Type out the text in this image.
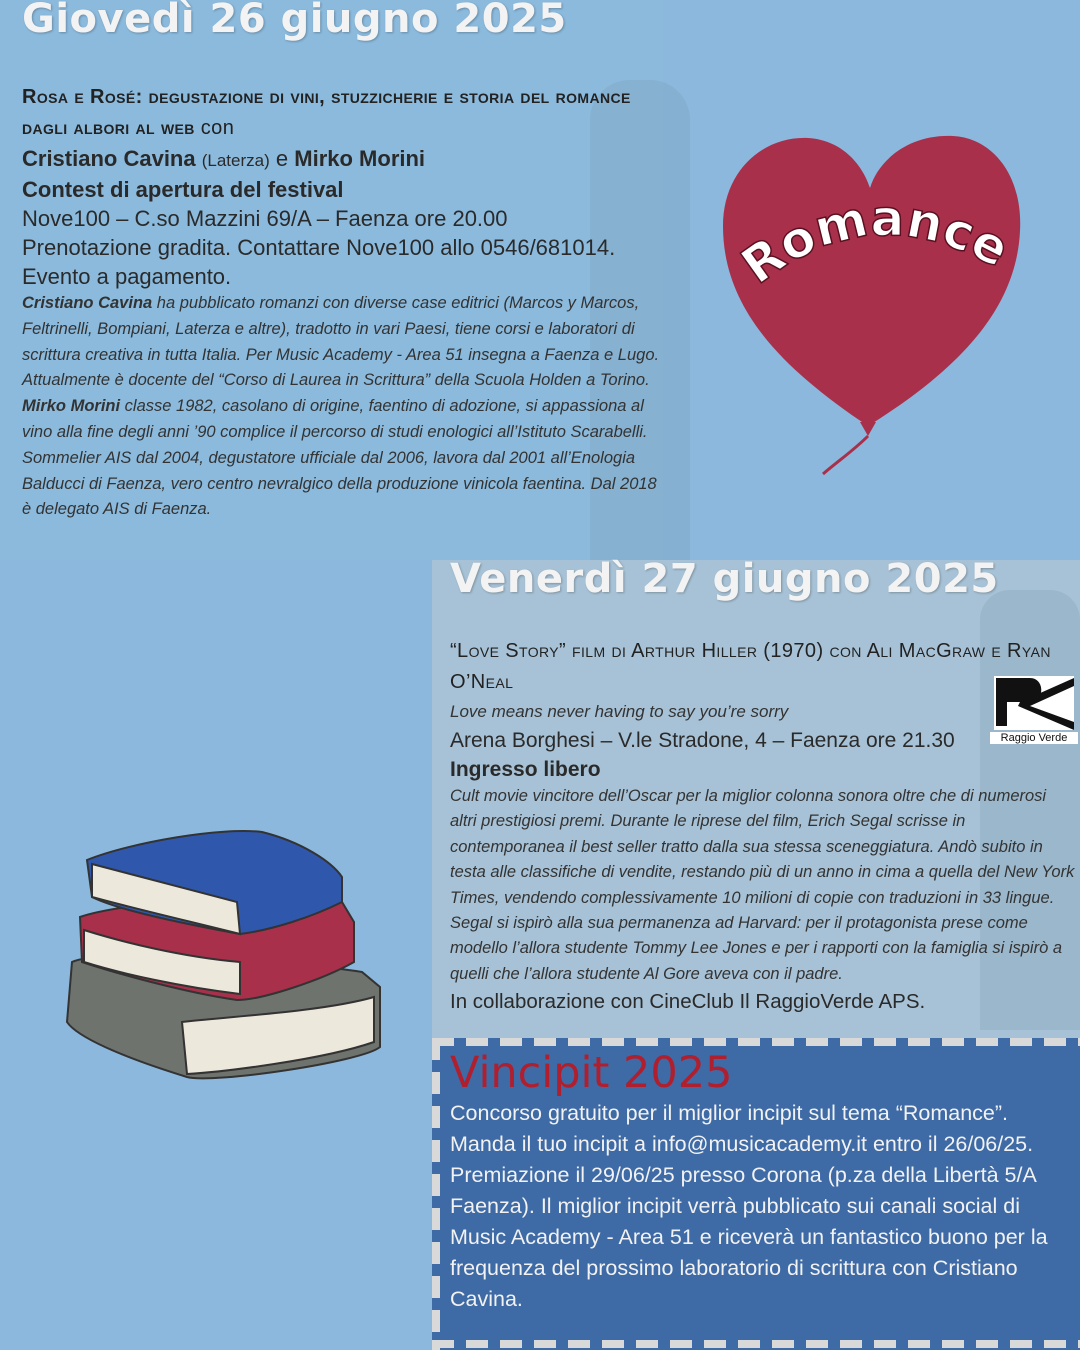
Giovedì 26 giugno 2025
Rosa e Rosé: degustazione di vini, stuzzicherie e storia del romance dagli albori al web con
Cristiano Cavina (Laterza) e Mirko Morini
Contest di apertura del festival
Nove100 – C.so Mazzini 69/A – Faenza ore 20.00
Prenotazione gradita. Contattare Nove100 allo 0546/681014.
Evento a pagamento.
Cristiano Cavina ha pubblicato romanzi con diverse case editrici (Marcos y Marcos, Feltrinelli, Bompiani, Laterza e altre), tradotto in vari Paesi, tiene corsi e laboratori di scrittura creativa in tutta Italia. Per Music Academy - Area 51 insegna a Faenza e Lugo. Attualmente è docente del “Corso di Laurea in Scrittura” della Scuola Holden a Torino.
Mirko Morini classe 1982, casolano di origine, faentino di adozione, si appassiona al vino alla fine degli anni ’90 complice il percorso di studi enologici all’Istituto Scarabelli. Sommelier AIS dal 2004, degustatore ufficiale dal 2006, lavora dal 2001 all’Enologia Balducci di Faenza, vero centro nevralgico della produzione vinicola faentina. Dal 2018 è delegato AIS di Faenza.
Romance
Venerdì 27 giugno 2025
“Love Story” film di Arthur Hiller (1970) con Ali MacGraw e Ryan O’Neal
Love means never having to say you’re sorry
Arena Borghesi – V.le Stradone, 4 – Faenza ore 21.30
Ingresso libero
Cult movie vincitore dell’Oscar per la miglior colonna sonora oltre che di numerosi altri prestigiosi premi. Durante le riprese del film, Erich Segal scrisse in contemporanea il best seller tratto dalla sua stessa sceneggiatura. Andò subito in testa alle classifiche di vendite, restando più di un anno in cima a quella del New York Times, vendendo complessivamente 10 milioni di copie con traduzioni in 33 lingue. Segal si ispirò alla sua permanenza ad Harvard: per il protagonista prese come modello l’allora studente Tommy Lee Jones e per i rapporti con la famiglia si ispirò a quelli che l’allora studente Al Gore aveva con il padre.
In collaborazione con CineClub Il RaggioVerde APS.
Raggio Verde
Vincipit 2025
Concorso gratuito per il miglior incipit sul tema “Romance”. Manda il tuo incipit a info@musicacademy.it entro il 26/06/25. Premiazione il 29/06/25 presso Corona (p.za della Libertà 5/A Faenza). Il miglior incipit verrà pubblicato sui canali social di Music Academy - Area 51 e riceverà un fantastico buono per la frequenza del prossimo laboratorio di scrittura con Cristiano Cavina.
